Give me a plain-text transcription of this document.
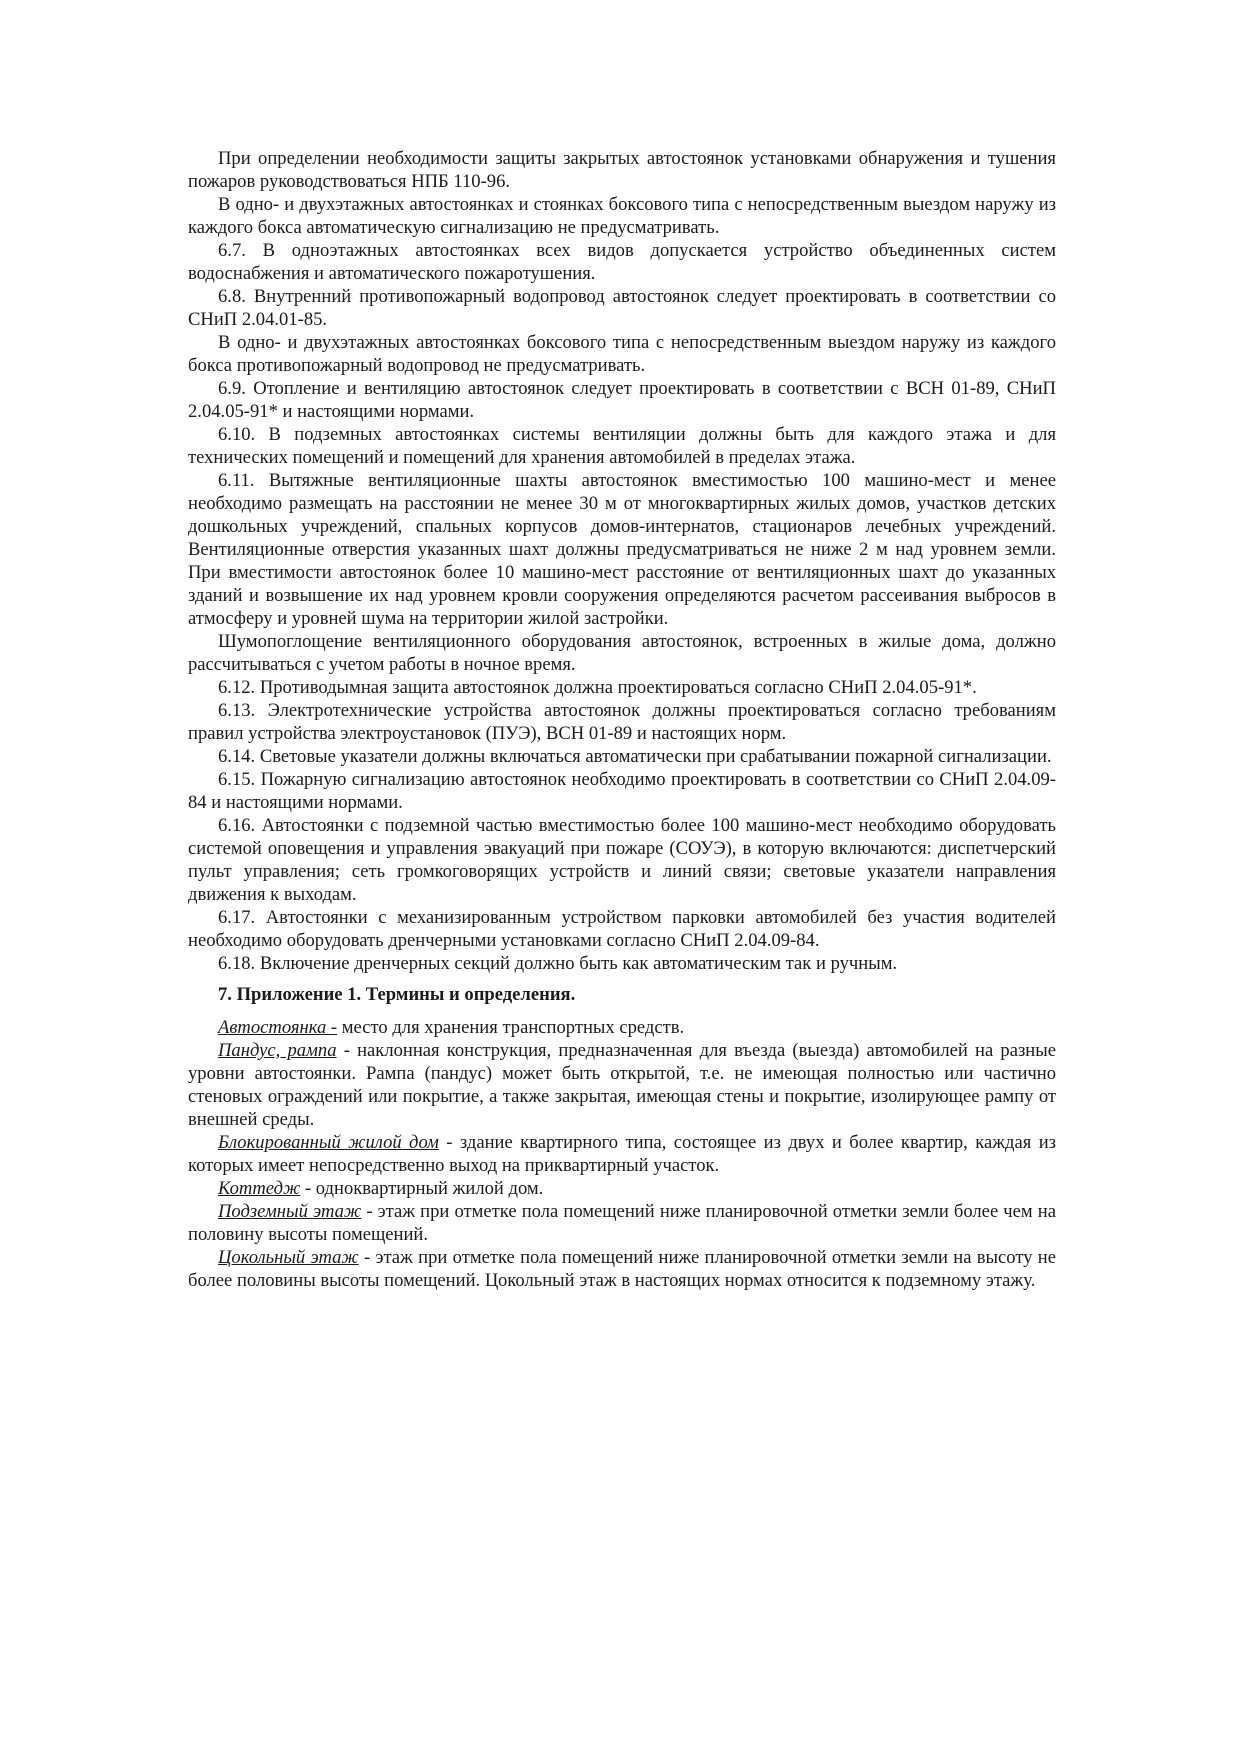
При определении необходимости защиты закрытых автостоянок установками обнаружения и тушения пожаров руководствоваться НПБ 110-96.

В одно- и двухэтажных автостоянках и стоянках боксового типа с непосредственным выездом наружу из каждого бокса автоматическую сигнализацию не предусматривать.

6.7. В одноэтажных автостоянках всех видов допускается устройство объединенных систем водоснабжения и автоматического пожаротушения.

6.8. Внутренний противопожарный водопровод автостоянок следует проектировать в соответствии со СНиП 2.04.01-85.

В одно- и двухэтажных автостоянках боксового типа с непосредственным выездом наружу из каждого бокса противопожарный водопровод не предусматривать.

6.9. Отопление и вентиляцию автостоянок следует проектировать в соответствии с ВСН 01-89, СНиП 2.04.05-91* и настоящими нормами.

6.10. В подземных автостоянках системы вентиляции должны быть для каждого этажа и для технических помещений и помещений для хранения автомобилей в пределах этажа.

6.11. Вытяжные вентиляционные шахты автостоянок вместимостью 100 машино-мест и менее необходимо размещать на расстоянии не менее 30 м от многоквартирных жилых домов, участков детских дошкольных учреждений, спальных корпусов домов-интернатов, стационаров лечебных учреждений. Вентиляционные отверстия указанных шахт должны предусматриваться не ниже 2 м над уровнем земли. При вместимости автостоянок более 10 машино-мест расстояние от вентиляционных шахт до указанных зданий и возвышение их над уровнем кровли сооружения определяются расчетом рассеивания выбросов в атмосферу и уровней шума на территории жилой застройки.

Шумопоглощение вентиляционного оборудования автостоянок, встроенных в жилые дома, должно рассчитываться с учетом работы в ночное время.

6.12. Противодымная защита автостоянок должна проектироваться согласно СНиП 2.04.05-91*.

6.13. Электротехнические устройства автостоянок должны проектироваться согласно требованиям правил устройства электроустановок (ПУЭ), ВСН 01-89 и настоящих норм.

6.14. Световые указатели должны включаться автоматически при срабатывании пожарной сигнализации.

6.15. Пожарную сигнализацию автостоянок необходимо проектировать в соответствии со СНиП 2.04.09-84 и настоящими нормами.

6.16. Автостоянки с подземной частью вместимостью более 100 машино-мест необходимо оборудовать системой оповещения и управления эвакуаций при пожаре (СОУЭ), в которую включаются: диспетчерский пульт управления; сеть громкоговорящих устройств и линий связи; световые указатели направления движения к выходам.

6.17. Автостоянки с механизированным устройством парковки автомобилей без участия водителей необходимо оборудовать дренчерными установками согласно СНиП 2.04.09-84.

6.18. Включение дренчерных секций должно быть как автоматическим так и ручным.

7. Приложение 1. Термины и определения.

Автостоянка - место для хранения транспортных средств.

Пандус, рампа - наклонная конструкция, предназначенная для въезда (выезда) автомобилей на разные уровни автостоянки. Рампа (пандус) может быть открытой, т.е. не имеющая полностью или частично стеновых ограждений или покрытие, а также закрытая, имеющая стены и покрытие, изолирующее рампу от внешней среды.

Блокированный жилой дом - здание квартирного типа, состоящее из двух и более квартир, каждая из которых имеет непосредственно выход на приквартирный участок.

Коттедж - одноквартирный жилой дом.

Подземный этаж - этаж при отметке пола помещений ниже планировочной отметки земли более чем на половину высоты помещений.

Цокольный этаж - этаж при отметке пола помещений ниже планировочной отметки земли на высоту не более половины высоты помещений. Цокольный этаж в настоящих нормах относится к подземному этажу.
